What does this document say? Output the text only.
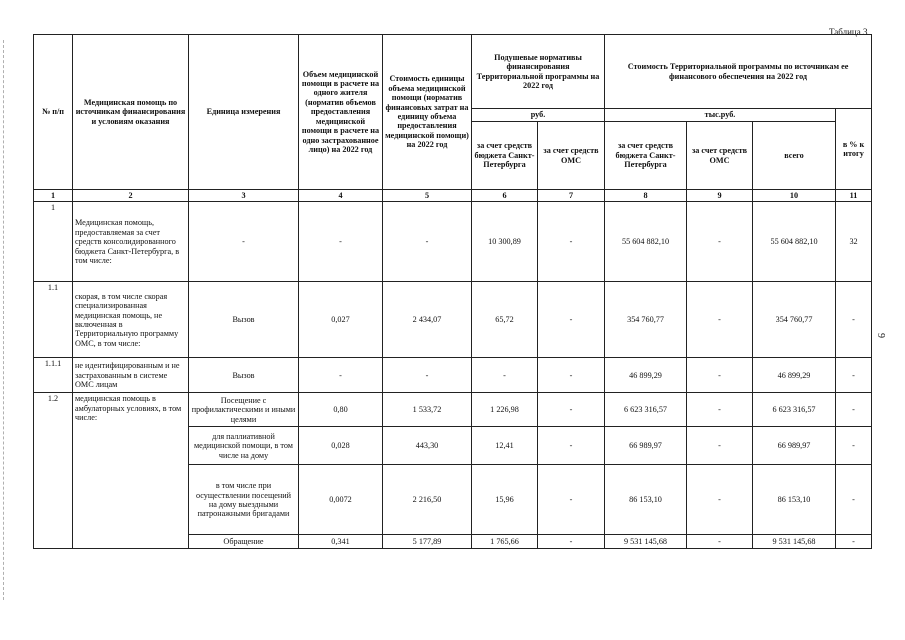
Таблица 3
9
№ п/п	Медицинская помощь по источникам финансирования и условиям оказания	Единица измерения	Объем медицинской помощи в расчете на одного жителя (норматив объемов предоставления медицинской помощи в расчете на одно застрахованное лицо) на 2022 год	Стоимость единицы объема медицинской помощи (норматив финансовых затрат на единицу объема предоставления медицинской помощи) на 2022 год	Подушевые нормативы финансирования Территориальной программы на 2022 год		Стоимость Территориальной программы по источникам ее финансового обеспечения на 2022 год			
					руб.		тыс.руб.			в % к итогу
					за счет средств бюджета Санкт-Петербурга	за счет средств ОМС	за счет средств бюджета Санкт-Петербурга	за счет средств ОМС	всего	
1	2	3	4	5	6	7	8	9	10	11
1	Медицинская помощь, предоставляемая за счет средств консолидированного бюджета Санкт-Петербурга, в том числе:	-	-	-	10 300,89	-	55 604 882,10	-	55 604 882,10	32
1.1	скорая, в том числе скорая специализированная медицинская помощь, не включенная в Территориальную программу ОМС, в том числе:	Вызов	0,027	2 434,07	65,72	-	354 760,77	-	354 760,77	-
1.1.1	не идентифицированным и не застрахованным в системе ОМС лицам	Вызов	-	-	-	-	46 899,29	-	46 899,29	-
1.2	медицинская помощь в амбулаторных условиях, в том числе:	Посещение с профилактическими и иными целями	0,80	1 533,72	1 226,98	-	6 623 316,57	-	6 623 316,57	-
		для паллиативной медицинской помощи, в том числе на дому	0,028	443,30	12,41	-	66 989,97	-	66 989,97	-
		в том числе при осуществлении посещений на дому выездными патронажными бригадами	0,0072	2 216,50	15,96	-	86 153,10	-	86 153,10	-
		Обращение	0,341	5 177,89	1 765,66	-	9 531 145,68	-	9 531 145,68	-
